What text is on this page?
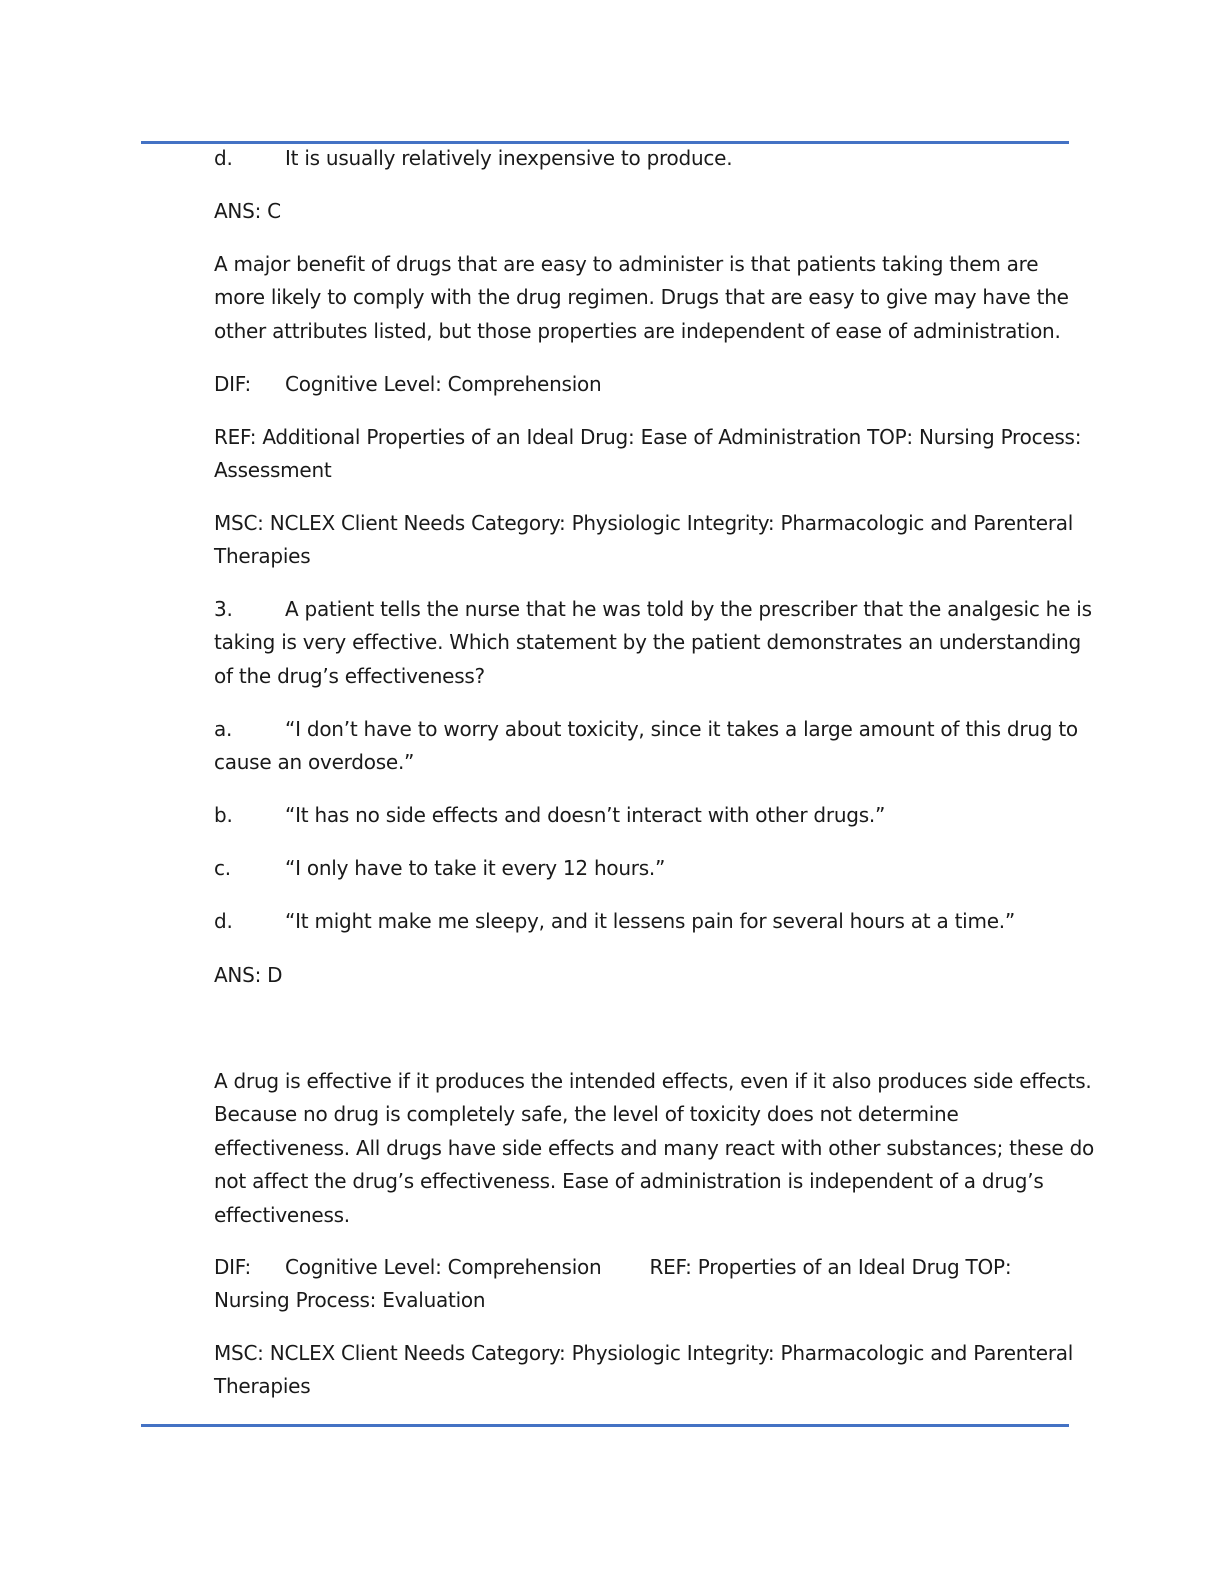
d.	It is usually relatively inexpensive to produce.
ANS: C
A major benefit of drugs that are easy to administer is that patients taking them are
more likely to comply with the drug regimen. Drugs that are easy to give may have the
other attributes listed, but those properties are independent of ease of administration.
DIF: Cognitive Level: Comprehension
REF: Additional Properties of an Ideal Drug: Ease of Administration TOP: Nursing Process:
Assessment
MSC: NCLEX Client Needs Category: Physiologic Integrity: Pharmacologic and Parenteral
Therapies
3.	A patient tells the nurse that he was told by the prescriber that the analgesic he is
taking is very effective. Which statement by the patient demonstrates an understanding
of the drug’s effectiveness?
a.	“I don’t have to worry about toxicity, since it takes a large amount of this drug to
cause an overdose.”
b.	“It has no side effects and doesn’t interact with other drugs.”
c.	“I only have to take it every 12 hours.”
d.	“It might make me sleepy, and it lessens pain for several hours at a time.”
ANS: D
A drug is effective if it produces the intended effects, even if it also produces side effects.
Because no drug is completely safe, the level of toxicity does not determine
effectiveness. All drugs have side effects and many react with other substances; these do
not affect the drug’s effectiveness. Ease of administration is independent of a drug’s
effectiveness.
DIF: Cognitive Level: Comprehension REF: Properties of an Ideal Drug TOP:
Nursing Process: Evaluation
MSC: NCLEX Client Needs Category: Physiologic Integrity: Pharmacologic and Parenteral
Therapies
